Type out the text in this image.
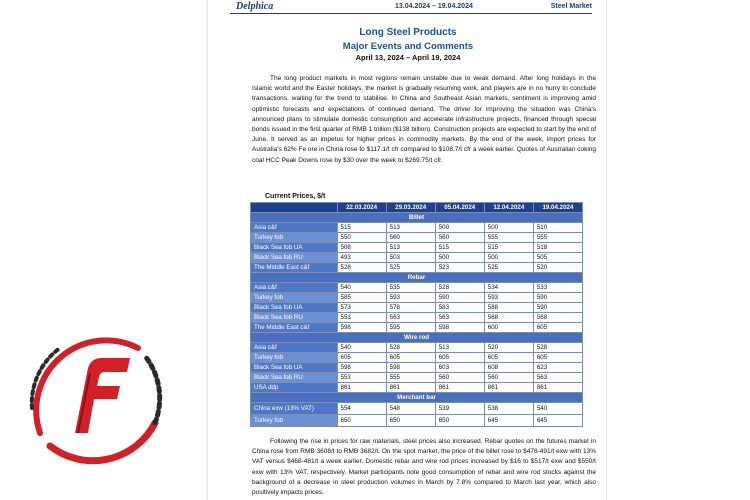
Delphica	13.04.2024 – 19.04.2024	Steel Market
Long Steel Products
Major Events and Comments
April 13, 2024 – April 19, 2024

The long product markets in most regions remain unstable due to weak demand. After long holidays in the Islamic world and the Easter holidays, the market is gradually resuming work, and players are in no hurry to conclude transactions, waiting for the trend to stabilise. In China and Southeast Asian markets, sentiment is improving amid optimistic forecasts and expectations of continued demand. The driver for improving the situation was China's announced plans to stimulate domestic consumption and accelerate infrastructure projects, financed through special bonds issued in the first quarter of RMB 1 trillion ($138 billion). Construction projects are expected to start by the end of June. It served as an impetus for higher prices in commodity markets. By the end of the week, import prices for Australia's 62% Fe ore in China rose to $117.1/t cfr compared to $108.7/t cfr a week earlier. Quotes of Australian coking coal HCC Peak Downs rose by $30 over the week to $269.75/t cfr.

Current Prices, $/t
	22.03.2024	29.03.2024	05.04.2024	12.04.2024	19.04.2024
Billet					
Asia c&f	515	513	500	500	510
Turkey fob	550	560	560	555	555
Black Sea fob UA	508	513	515	515	518
Black Sea fob RU	493	503	500	500	505
The Middle East c&f	528	525	523	525	520
Rebar					
Asia c&f	540	535	528	534	533
Turkey fob	585	593	590	593	590
Black Sea fob UA	573	578	583	588	590
Black Sea fob RU	553	563	563	568	568
The Middle East c&f	598	595	598	600	605
Wire rod					
Asia c&f	540	528	513	520	528
Turkey fob	605	605	605	605	605
Black Sea fob UA	598	598	603	608	623
Black Sea fob RU	553	555	560	560	563
USA ddp	861	861	861	861	861
Merchant bar					
China exw (13% VAT)	554	548	539	538	540
Turkey fob	650	650	650	645	645

Following the rise in prices for raw materials, steel prices also increased. Rebar quotes on the futures market in China rose from RMB 3608/t to RMB 3682/t. On the spot market, the price of the billet rose to $478-491/t exw with 13% VAT versus $468-481/t a week earlier. Domestic rebar and wire rod prices increased by $16 to $517/t exw and $550/t exw with 13% VAT, respectively. Market participants note good consumption of rebar and wire rod stocks against the background of a decrease in steel production volumes in March by 7.8% compared to March last year, which also positively impacts prices.
